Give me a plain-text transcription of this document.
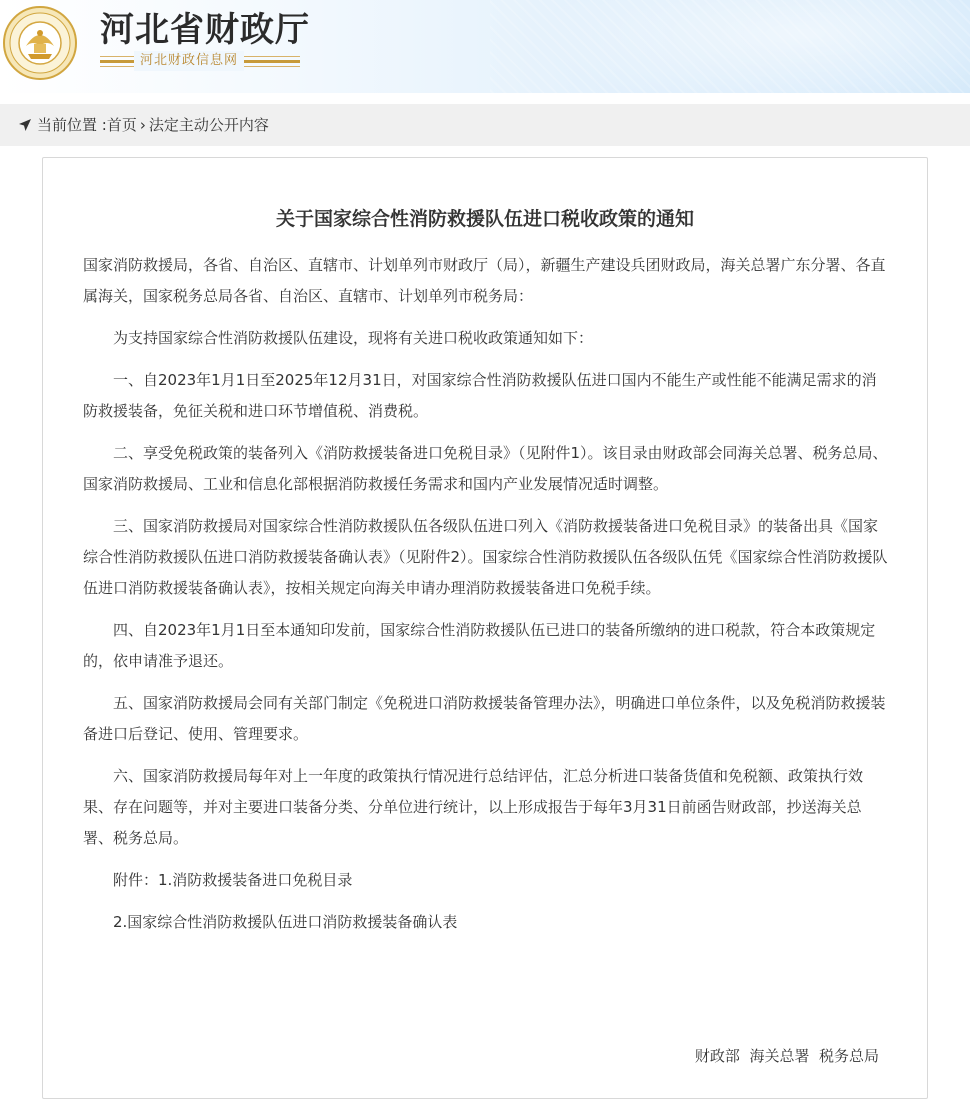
河北省财政厅
河北财政信息网
当前位置 :首页 › 法定主动公开内容
关于国家综合性消防救援队伍进口税收政策的通知

国家消防救援局，各省、自治区、直辖市、计划单列市财政厅（局），新疆生产建设兵团财政局，海关总署广东分署、各直属海关，国家税务总局各省、自治区、直辖市、计划单列市税务局：

为支持国家综合性消防救援队伍建设，现将有关进口税收政策通知如下：

一、自2023年1月1日至2025年12月31日，对国家综合性消防救援队伍进口国内不能生产或性能不能满足需求的消防救援装备，免征关税和进口环节增值税、消费税。

二、享受免税政策的装备列入《消防救援装备进口免税目录》（见附件1）。该目录由财政部会同海关总署、税务总局、国家消防救援局、工业和信息化部根据消防救援任务需求和国内产业发展情况适时调整。

三、国家消防救援局对国家综合性消防救援队伍各级队伍进口列入《消防救援装备进口免税目录》的装备出具《国家综合性消防救援队伍进口消防救援装备确认表》（见附件2）。国家综合性消防救援队伍各级队伍凭《国家综合性消防救援队伍进口消防救援装备确认表》，按相关规定向海关申请办理消防救援装备进口免税手续。

四、自2023年1月1日至本通知印发前，国家综合性消防救援队伍已进口的装备所缴纳的进口税款，符合本政策规定的，依申请准予退还。

五、国家消防救援局会同有关部门制定《免税进口消防救援装备管理办法》，明确进口单位条件，以及免税消防救援装备进口后登记、使用、管理要求。

六、国家消防救援局每年对上一年度的政策执行情况进行总结评估，汇总分析进口装备货值和免税额、政策执行效果、存在问题等，并对主要进口装备分类、分单位进行统计，以上形成报告于每年3月31日前函告财政部，抄送海关总署、税务总局。

附件：1.消防救援装备进口免税目录

2.国家综合性消防救援队伍进口消防救援装备确认表

财政部  海关总署  税务总局
